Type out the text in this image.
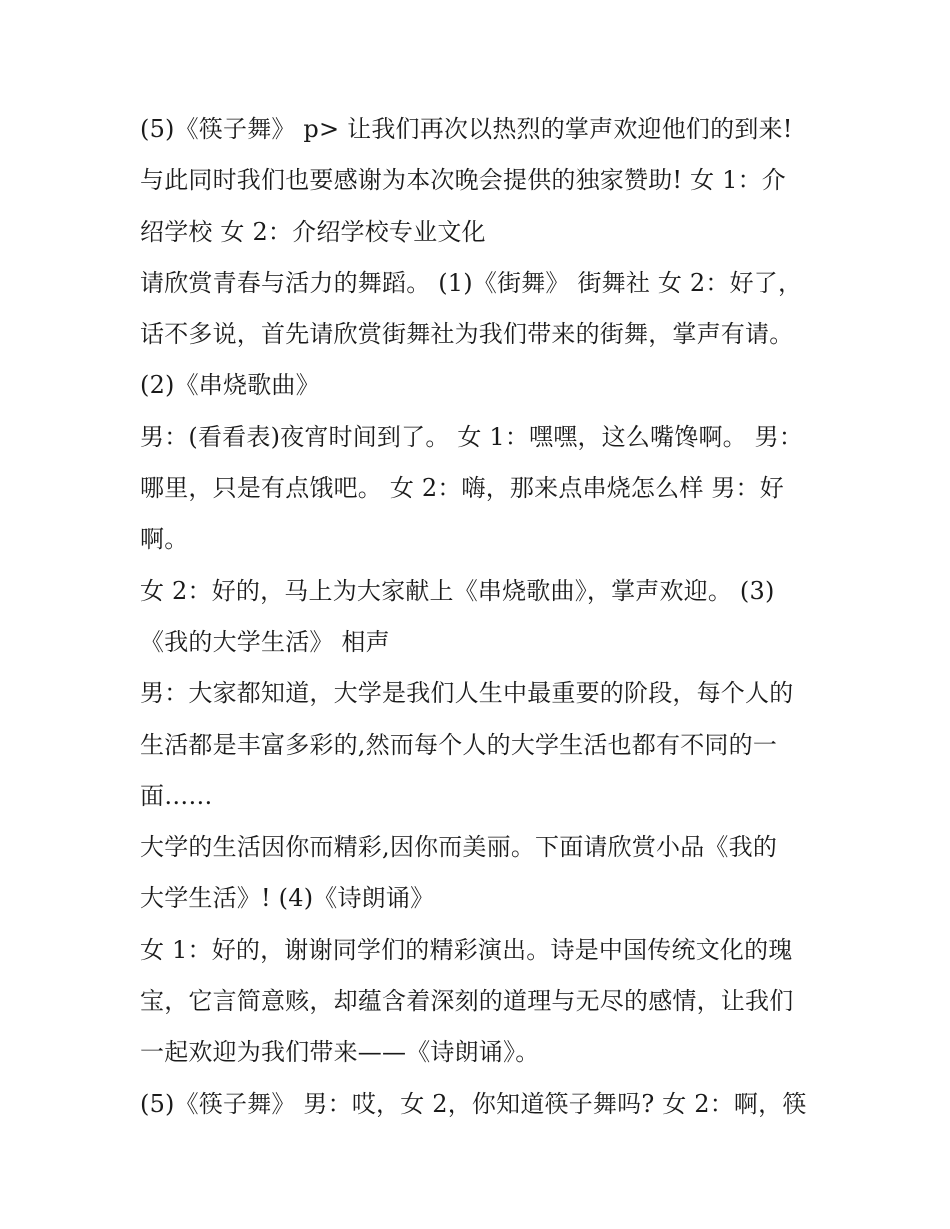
(5)《筷子舞》 p> 让我们再次以热烈的掌声欢迎他们的到来!
与此同时我们也要感谢为本次晚会提供的独家赞助! 女 1：介
绍学校 女 2：介绍学校专业文化
请欣赏青春与活力的舞蹈。 (1)《街舞》 街舞社 女 2：好了，
话不多说，首先请欣赏街舞社为我们带来的街舞，掌声有请。
(2)《串烧歌曲》
男：(看看表)夜宵时间到了。 女 1：嘿嘿，这么嘴馋啊。 男：
哪里，只是有点饿吧。 女 2：嗨，那来点串烧怎么样 男：好
啊。
女 2：好的，马上为大家献上《串烧歌曲》，掌声欢迎。 (3)
《我的大学生活》 相声
男：大家都知道，大学是我们人生中最重要的阶段，每个人的
生活都是丰富多彩的,然而每个人的大学生活也都有不同的一
面……
大学的生活因你而精彩,因你而美丽。下面请欣赏小品《我的
大学生活》! (4)《诗朗诵》
女 1：好的，谢谢同学们的精彩演出。诗是中国传统文化的瑰
宝，它言简意赅，却蕴含着深刻的道理与无尽的感情，让我们
一起欢迎为我们带来——《诗朗诵》。
(5)《筷子舞》 男：哎，女 2，你知道筷子舞吗? 女 2：啊，筷
